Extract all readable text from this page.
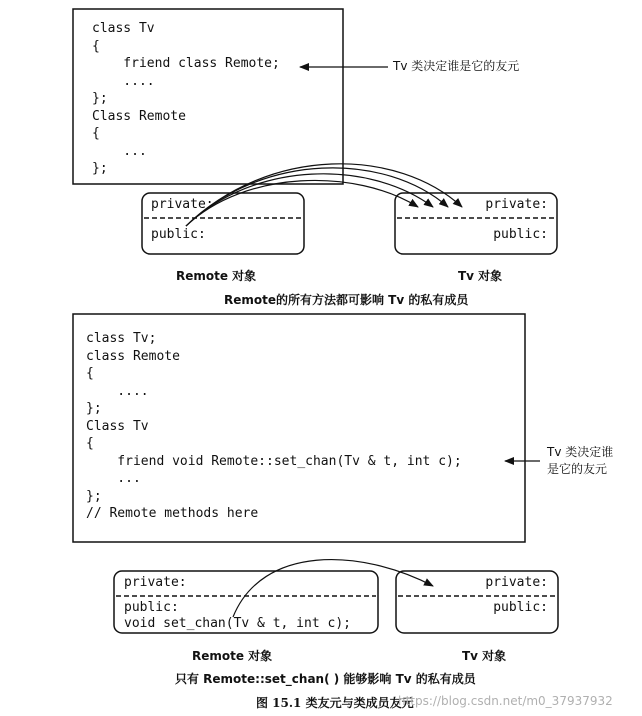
class Tv
{
friend class Remote;
....
};
Class Remote
{
...
};

Tv 类决定谁是它的友元
private:
public:
private:
public:
Remote 对象	Tv 对象
Remote的所有方法都可影响 Tv 的私有成员
class Tv;
class Remote
{
....
};
Class Tv
{
friend void Remote::set_chan(Tv & t, int c);
...
};
// Remote methods here

Tv 类决定谁
是它的友元
private:
public:
void set_chan(Tv & t, int c);
private:
public:
Remote 对象	Tv 对象
只有 Remote::set_chan( ) 能够影响 Tv 的私有成员
图 15.1 类友元与类成员友元
https://blog.csdn.net/m0_37937932
